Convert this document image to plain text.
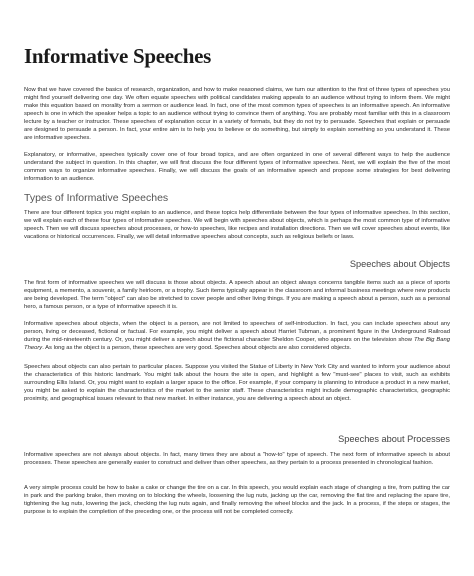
Informative Speeches

Now that we have covered the basics of research, organization, and how to make reasoned claims, we turn our attention to the first of three types of speeches you might find yourself delivering one day. We often equate speeches with political candidates making appeals to an audience without trying to inform them. We might make this equation based on morality from a sermon or audience lead. In fact, one of the most common types of speeches is an informative speech. An informative speech is one in which the speaker helps a topic to an audience without trying to convince them of anything. You are probably most familiar with this in a classroom lecture by a teacher or instructor. These speeches of explanation occur in a variety of formats, but they do not try to persuade. Speeches that explain or persuade are designed to persuade a person. In fact, your entire aim is to help you to believe or do something, but simply to explain something so you understand it. These are informative speeches.

Explanatory, or informative, speeches typically cover one of four broad topics, and are often organized in one of several different ways to help the audience understand the subject in question. In this chapter, we will first discuss the four different types of informative speeches. Next, we will explain the five of the most common ways to organize informative speeches. Finally, we will discuss the goals of an informative speech and propose some strategies for best delivering information to an audience.

Types of Informative Speeches

There are four different topics you might explain to an audience, and these topics help differentiate between the four types of informative speeches. In this section, we will explain each of these four types of informative speeches. We will begin with speeches about objects, which is perhaps the most common type of informative speech. Then we will discuss speeches about processes, or how-to speeches, like recipes and installation directions. Then we will cover speeches about events, like vacations or historical occurrences. Finally, we will detail informative speeches about concepts, such as religious beliefs or laws.

Speeches about Objects

The first form of informative speeches we will discuss is those about objects. A speech about an object always concerns tangible items such as a piece of sports equipment, a memento, a souvenir, a family heirloom, or a trophy. Such items typically appear in the classroom and informal business meetings where new products are being developed. The term "object" can also be stretched to cover people and other living things. If you are making a speech about a person, such as a personal hero, a famous person, or a type of informative speech it is.

Informative speeches about objects, when the object is a person, are not limited to speeches of self-introduction. In fact, you can include speeches about any person, living or deceased, fictional or factual. For example, you might deliver a speech about Harriet Tubman, a prominent figure in the Underground Railroad during the mid-nineteenth century. Or, you might deliver a speech about the fictional character Sheldon Cooper, who appears on the television show The Big Bang Theory. As long as the object is a person, these speeches are very good. Speeches about objects are also considered objects.

Speeches about objects can also pertain to particular places. Suppose you visited the Statue of Liberty in New York City and wanted to inform your audience about the characteristics of this historic landmark. You might talk about the hours the site is open, and highlight a few "must-see" places to visit, such as exhibits surrounding Ellis Island. Or, you might want to explain a larger space to the office. For example, if your company is planning to introduce a product in a new market, you might be asked to explain the characteristics of the market to the senior staff. These characteristics might include demographic characteristics, geographic proximity, and geographical issues relevant to that new market. In either instance, you are delivering a speech about an object.

Speeches about Processes

Informative speeches are not always about objects. In fact, many times they are about a "how-to" type of speech. The next form of informative speech is about processes. These speeches are generally easier to construct and deliver than other speeches, as they pertain to a process presented in chronological fashion.

A very simple process could be how to bake a cake or change the tire on a car. In this speech, you would explain each stage of changing a tire, from putting the car in park and the parking brake, then moving on to blocking the wheels, loosening the lug nuts, jacking up the car, removing the flat tire and replacing the spare tire, tightening the lug nuts, lowering the jack, checking the lug nuts again, and finally removing the wheel blocks and the jack. In a process, if the steps or stages, the purpose is to explain the completion of the preceding one, or the process will not be completed correctly.
